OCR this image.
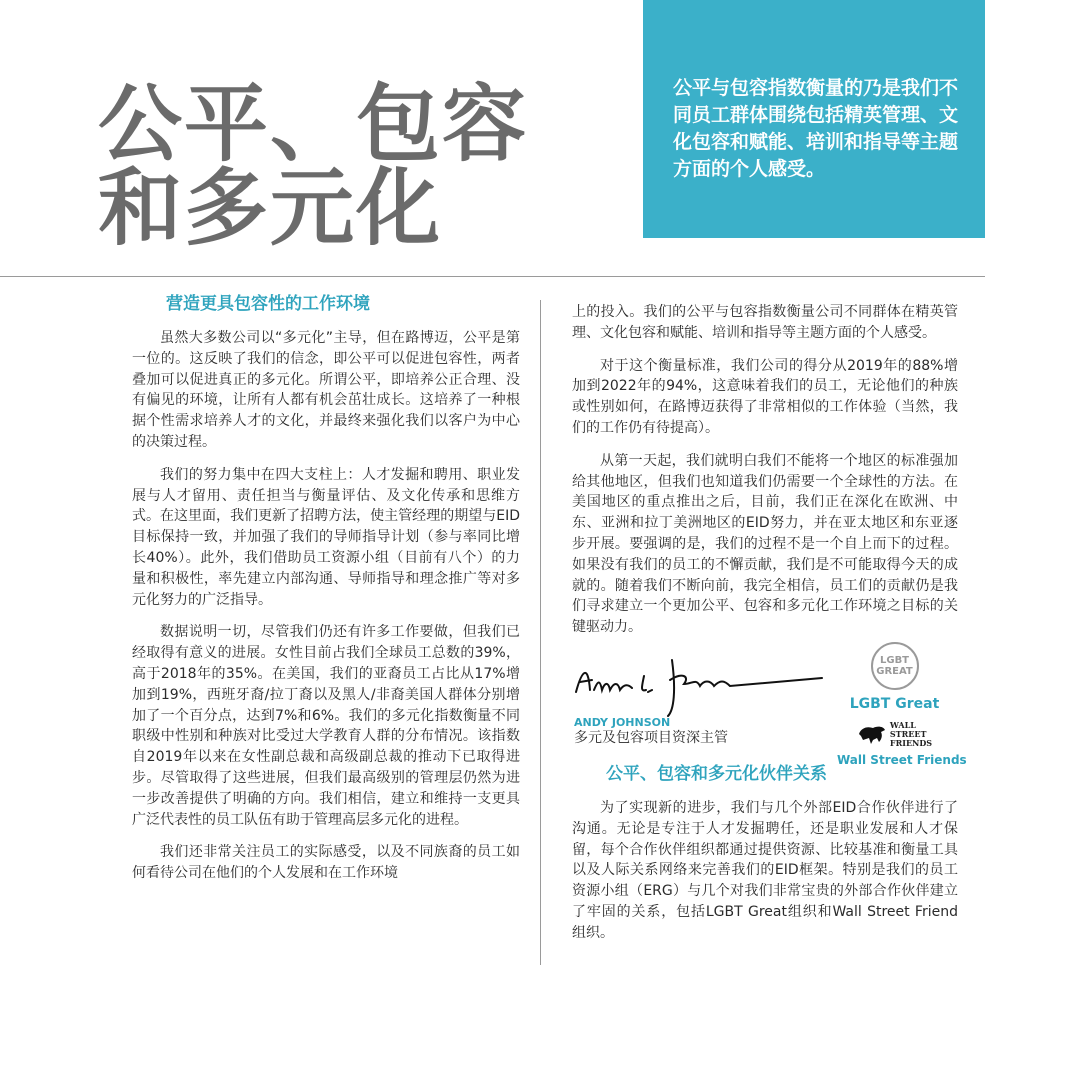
公平、包容
和多元化
公平与包容指数衡量的乃是我们不同员工群体围绕包括精英管理、文化包容和赋能、培训和指导等主题方面的个人感受。

营造更具包容性的工作环境

虽然大多数公司以“多元化”主导，但在路博迈，公平是第一位的。这反映了我们的信念，即公平可以促进包容性，两者叠加可以促进真正的多元化。所谓公平，即培养公正合理、没有偏见的环境，让所有人都有机会茁壮成长。这培养了一种根据个性需求培养人才的文化，并最终来强化我们以客户为中心的决策过程。

我们的努力集中在四大支柱上：人才发掘和聘用、职业发展与人才留用、责任担当与衡量评估、及文化传承和思维方式。在这里面，我们更新了招聘方法，使主管经理的期望与EID目标保持一致，并加强了我们的导师指导计划（参与率同比增长40%）。此外，我们借助员工资源小组（目前有八个）的力量和积极性，率先建立内部沟通、导师指导和理念推广等对多元化努力的广泛指导。

数据说明一切，尽管我们仍还有许多工作要做，但我们已经取得有意义的进展。女性目前占我们全球员工总数的39%，高于2018年的35%。在美国，我们的亚裔员工占比从17%增加到19%，西班牙裔/拉丁裔以及黑人/非裔美国人群体分别增加了一个百分点，达到7%和6%。我们的多元化指数衡量不同职级中性别和种族对比受过大学教育人群的分布情况。该指数自2019年以来在女性副总裁和高级副总裁的推动下已取得进步。尽管取得了这些进展，但我们最高级别的管理层仍然为进一步改善提供了明确的方向。我们相信，建立和维持一支更具广泛代表性的员工队伍有助于管理高层多元化的进程。

我们还非常关注员工的实际感受，以及不同族裔的员工如何看待公司在他们的个人发展和在工作环境

上的投入。我们的公平与包容指数衡量公司不同群体在精英管理、文化包容和赋能、培训和指导等主题方面的个人感受。

对于这个衡量标准，我们公司的得分从2019年的88%增加到2022年的94%，这意味着我们的员工，无论他们的种族或性别如何，在路博迈获得了非常相似的工作体验（当然，我们的工作仍有待提高）。

从第一天起，我们就明白我们不能将一个地区的标准强加给其他地区，但我们也知道我们仍需要一个全球性的方法。在美国地区的重点推出之后，目前，我们正在深化在欧洲、中东、亚洲和拉丁美洲地区的EID努力，并在亚太地区和东亚逐步开展。要强调的是，我们的过程不是一个自上而下的过程。如果没有我们的员工的不懈贡献，我们是不可能取得今天的成就的。随着我们不断向前，我完全相信，员工们的贡献仍是我们寻求建立一个更加公平、包容和多元化工作环境之目标的关键驱动力。

ANDY JOHNSON
多元及包容项目资深主管
LGBT
GREAT
LGBT Great
WALL
STREET
FRIENDS
Wall Street Friends

公平、包容和多元化伙伴关系

为了实现新的进步，我们与几个外部EID合作伙伴进行了沟通。无论是专注于人才发掘聘任，还是职业发展和人才保留，每个合作伙伴组织都通过提供资源、比较基准和衡量工具以及人际关系网络来完善我们的EID框架。特别是我们的员工资源小组（ERG）与几个对我们非常宝贵的外部合作伙伴建立了牢固的关系，包括LGBT Great组织和Wall Street Friend组织。
